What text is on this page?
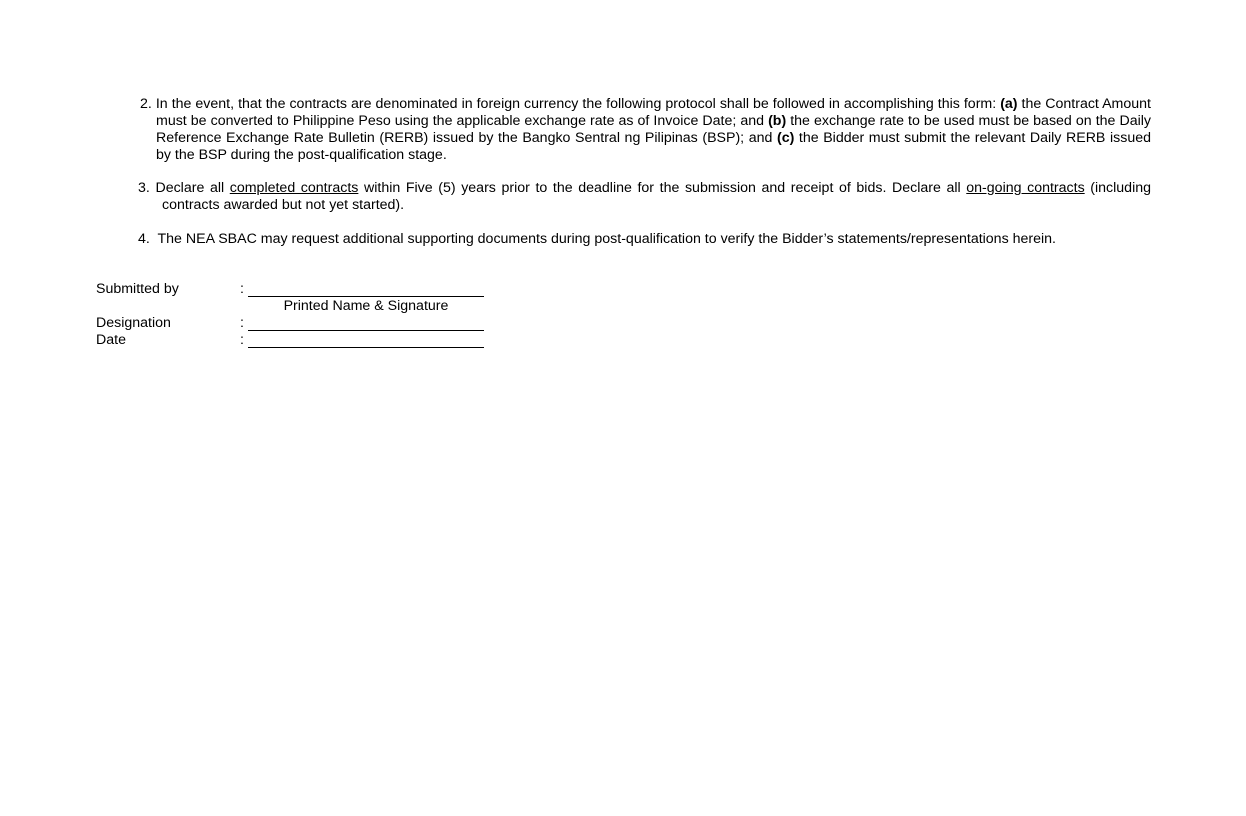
2. In the event, that the contracts are denominated in foreign currency the following protocol shall be followed in accomplishing this form: (a) the Contract Amount must be converted to Philippine Peso using the applicable exchange rate as of Invoice Date; and (b) the exchange rate to be used must be based on the Daily Reference Exchange Rate Bulletin (RERB) issued by the Bangko Sentral ng Pilipinas (BSP); and (c) the Bidder must submit the relevant Daily RERB issued by the BSP during the post-qualification stage.
3. Declare all completed contracts within Five (5) years prior to the deadline for the submission and receipt of bids. Declare all on-going contracts (including contracts awarded but not yet started).
4. The NEA SBAC may request additional supporting documents during post-qualification to verify the Bidder’s statements/representations herein.
Submitted by	:
Printed Name & Signature
Designation	:
Date	:
